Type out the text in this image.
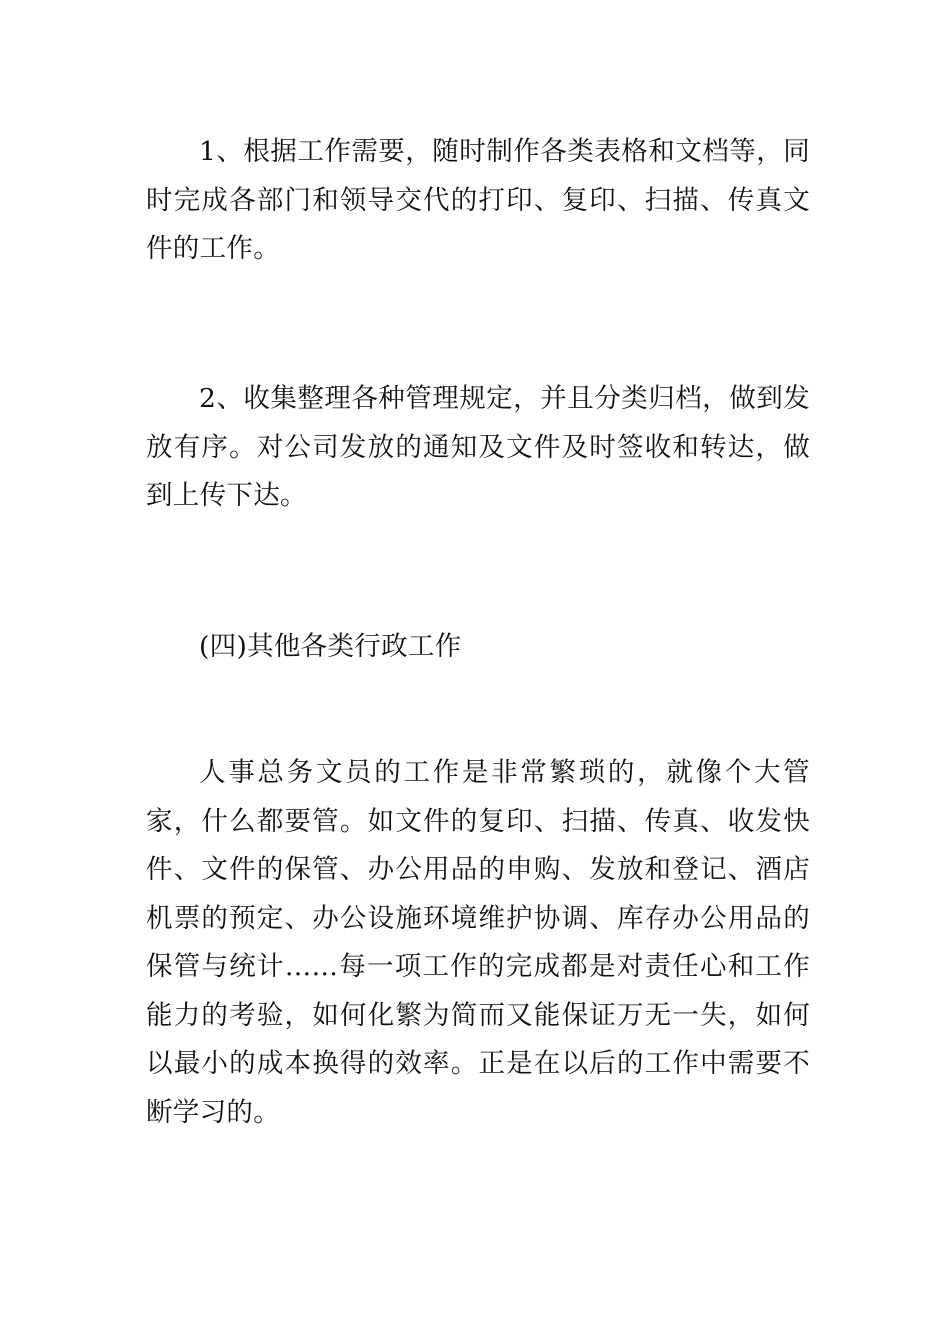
1、根据工作需要，随时制作各类表格和文档等，同时完成各部门和领导交代的打印、复印、扫描、传真文件的工作。

2、收集整理各种管理规定，并且分类归档，做到发放有序。对公司发放的通知及文件及时签收和转达，做到上传下达。

(四)其他各类行政工作

人事总务文员的工作是非常繁琐的，就像个大管家，什么都要管。如文件的复印、扫描、传真、收发快件、文件的保管、办公用品的申购、发放和登记、酒店机票的预定、办公设施环境维护协调、库存办公用品的保管与统计……每一项工作的完成都是对责任心和工作能力的考验，如何化繁为简而又能保证万无一失，如何以最小的成本换得的效率。正是在以后的工作中需要不断学习的。
